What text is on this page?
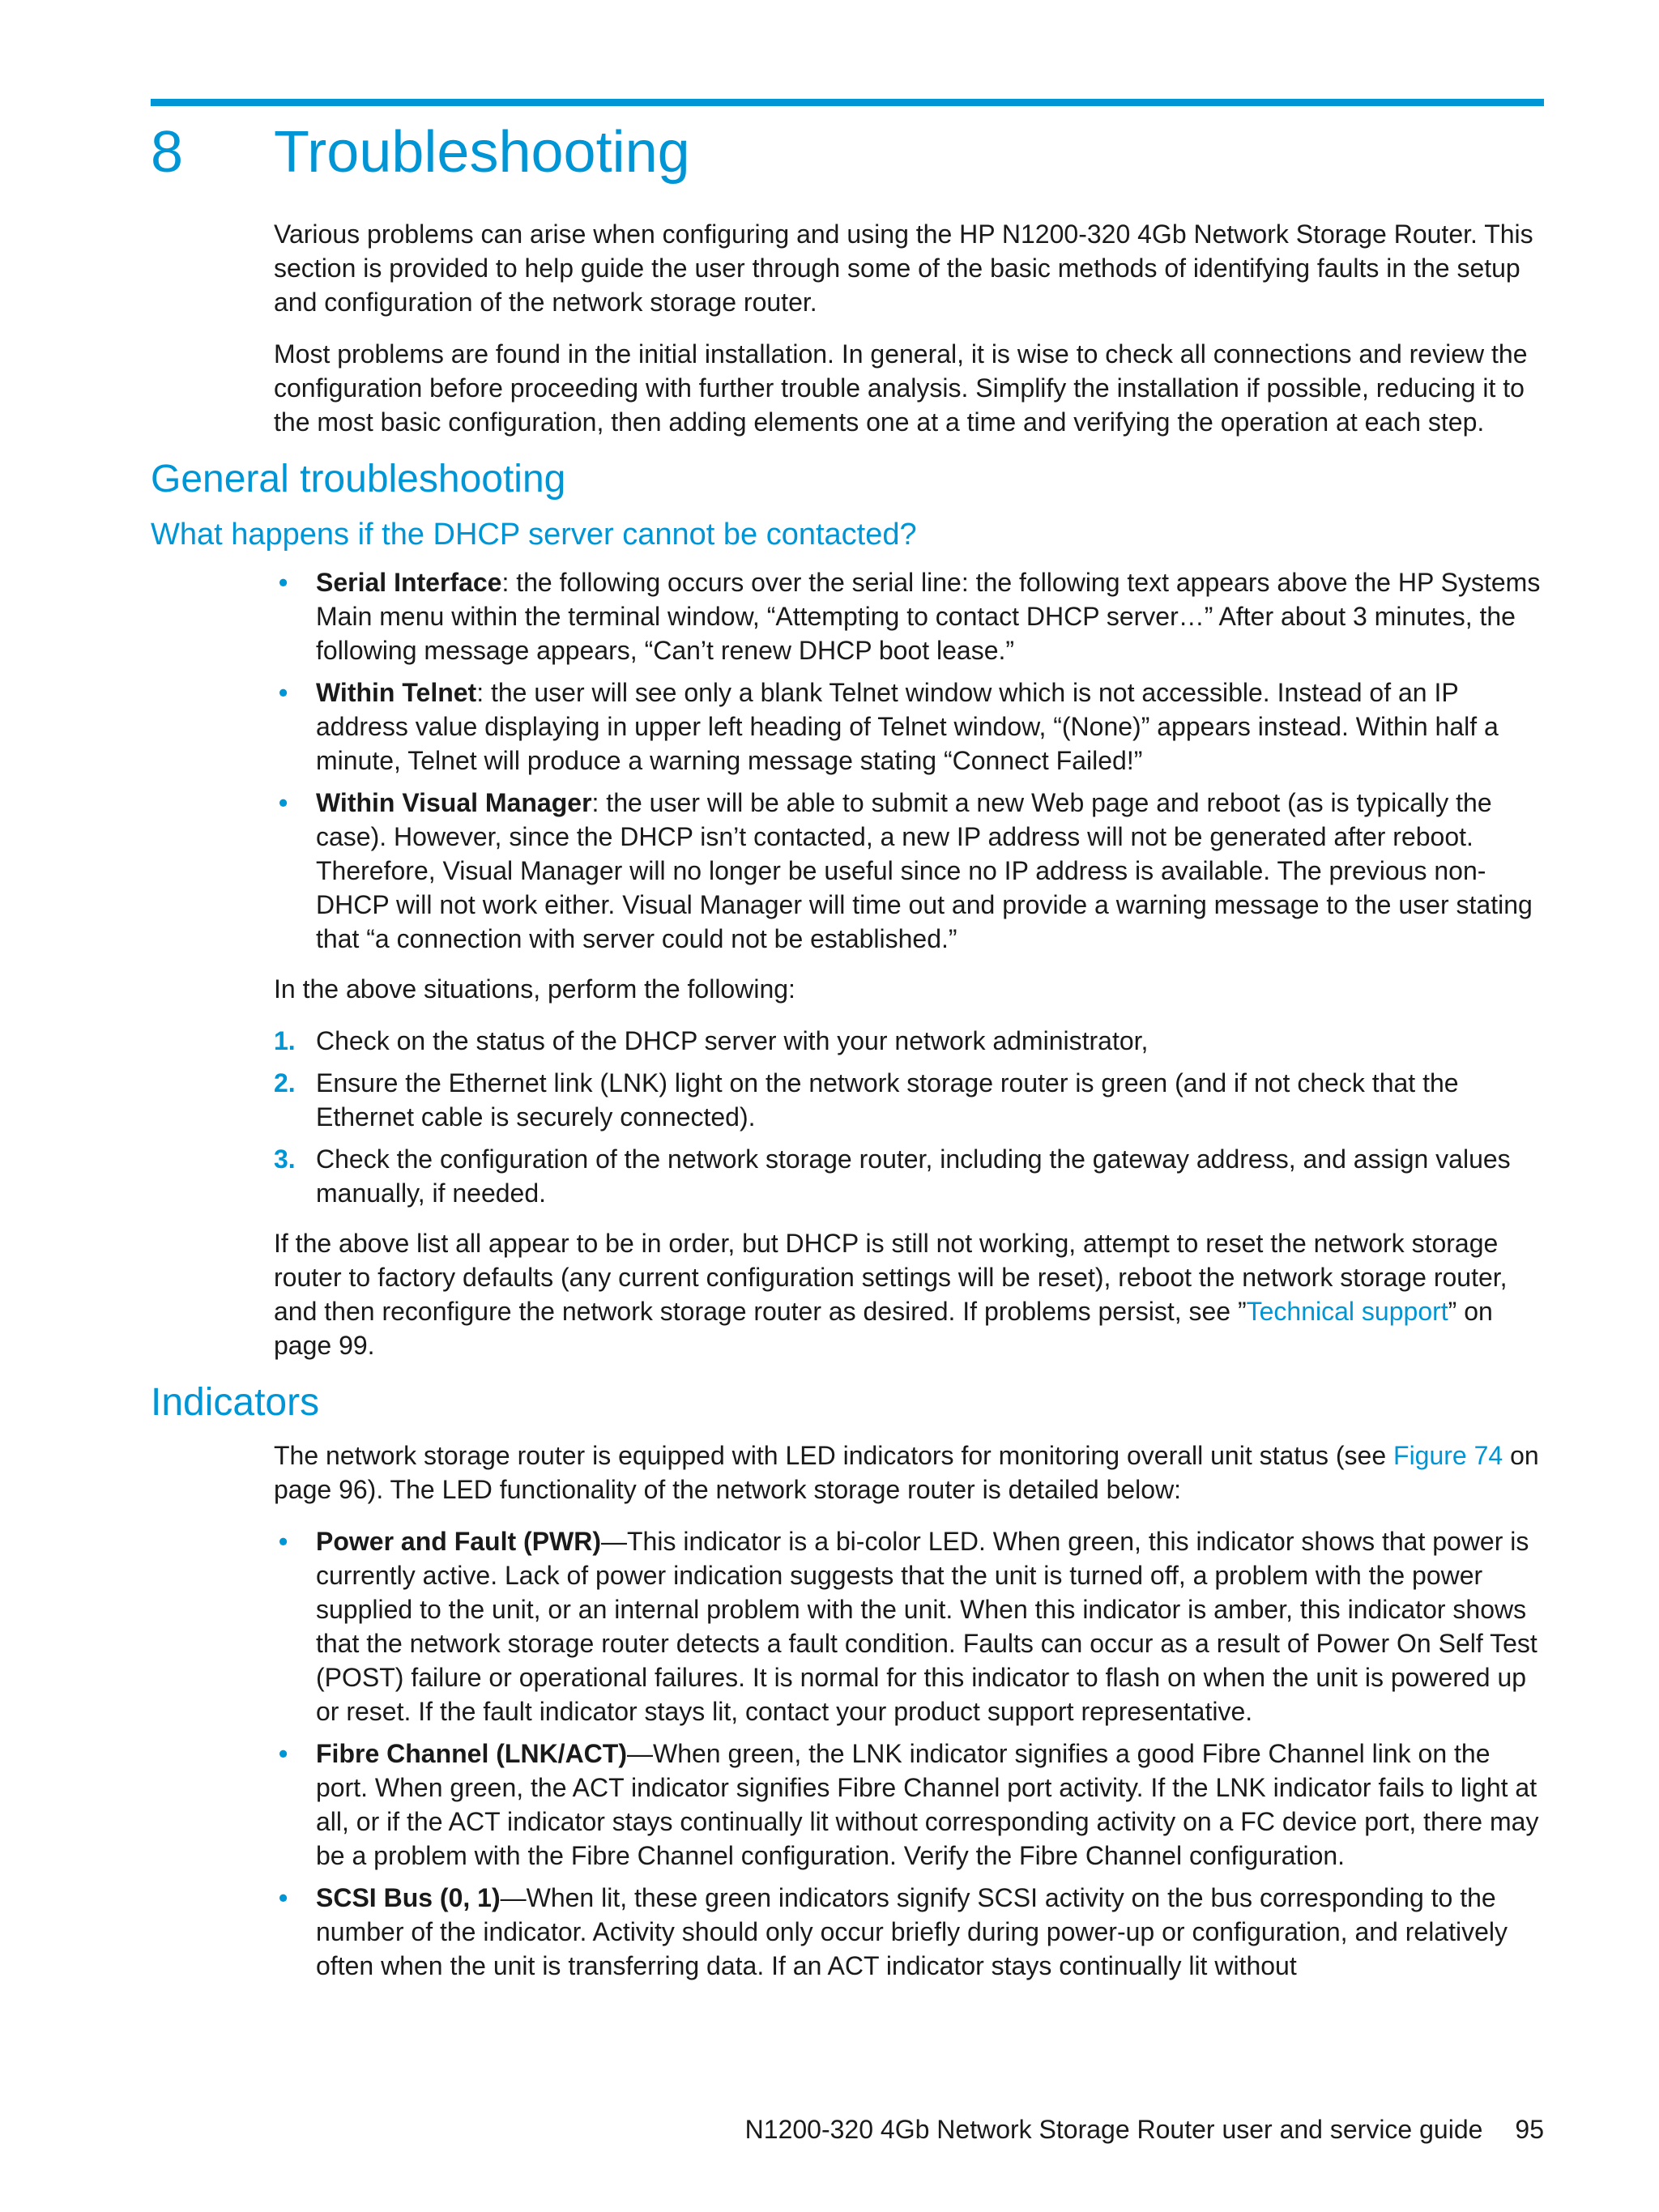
8 Troubleshooting

Various problems can arise when configuring and using the HP N1200-320 4Gb Network Storage Router. This section is provided to help guide the user through some of the basic methods of identifying faults in the setup and configuration of the network storage router.

Most problems are found in the initial installation. In general, it is wise to check all connections and review the configuration before proceeding with further trouble analysis. Simplify the installation if possible, reducing it to the most basic configuration, then adding elements one at a time and verifying the operation at each step.

General troubleshooting
What happens if the DHCP server cannot be contacted?
• Serial Interface: the following occurs over the serial line: the following text appears above the HP Systems Main menu within the terminal window, “Attempting to contact DHCP server…” After about 3 minutes, the following message appears, “Can’t renew DHCP boot lease.”
• Within Telnet: the user will see only a blank Telnet window which is not accessible. Instead of an IP address value displaying in upper left heading of Telnet window, “(None)” appears instead. Within half a minute, Telnet will produce a warning message stating “Connect Failed!”
• Within Visual Manager: the user will be able to submit a new Web page and reboot (as is typically the case). However, since the DHCP isn’t contacted, a new IP address will not be generated after reboot. Therefore, Visual Manager will no longer be useful since no IP address is available. The previous non-DHCP will not work either. Visual Manager will time out and provide a warning message to the user stating that “a connection with server could not be established.”

In the above situations, perform the following:

1. Check on the status of the DHCP server with your network administrator,
2. Ensure the Ethernet link (LNK) light on the network storage router is green (and if not check that the Ethernet cable is securely connected).
3. Check the configuration of the network storage router, including the gateway address, and assign values manually, if needed.

If the above list all appear to be in order, but DHCP is still not working, attempt to reset the network storage router to factory defaults (any current configuration settings will be reset), reboot the network storage router, and then reconfigure the network storage router as desired. If problems persist, see ”Technical support” on page 99.

Indicators

The network storage router is equipped with LED indicators for monitoring overall unit status (see Figure 74 on page 96). The LED functionality of the network storage router is detailed below:

• Power and Fault (PWR)—This indicator is a bi-color LED. When green, this indicator shows that power is currently active. Lack of power indication suggests that the unit is turned off, a problem with the power supplied to the unit, or an internal problem with the unit. When this indicator is amber, this indicator shows that the network storage router detects a fault condition. Faults can occur as a result of Power On Self Test (POST) failure or operational failures. It is normal for this indicator to flash on when the unit is powered up or reset. If the fault indicator stays lit, contact your product support representative.
• Fibre Channel (LNK/ACT)—When green, the LNK indicator signifies a good Fibre Channel link on the port. When green, the ACT indicator signifies Fibre Channel port activity. If the LNK indicator fails to light at all, or if the ACT indicator stays continually lit without corresponding activity on a FC device port, there may be a problem with the Fibre Channel configuration. Verify the Fibre Channel configuration.
• SCSI Bus (0, 1)—When lit, these green indicators signify SCSI activity on the bus corresponding to the number of the indicator. Activity should only occur briefly during power-up or configuration, and relatively often when the unit is transferring data. If an ACT indicator stays continually lit without
N1200-320 4Gb Network Storage Router user and service guide 95
